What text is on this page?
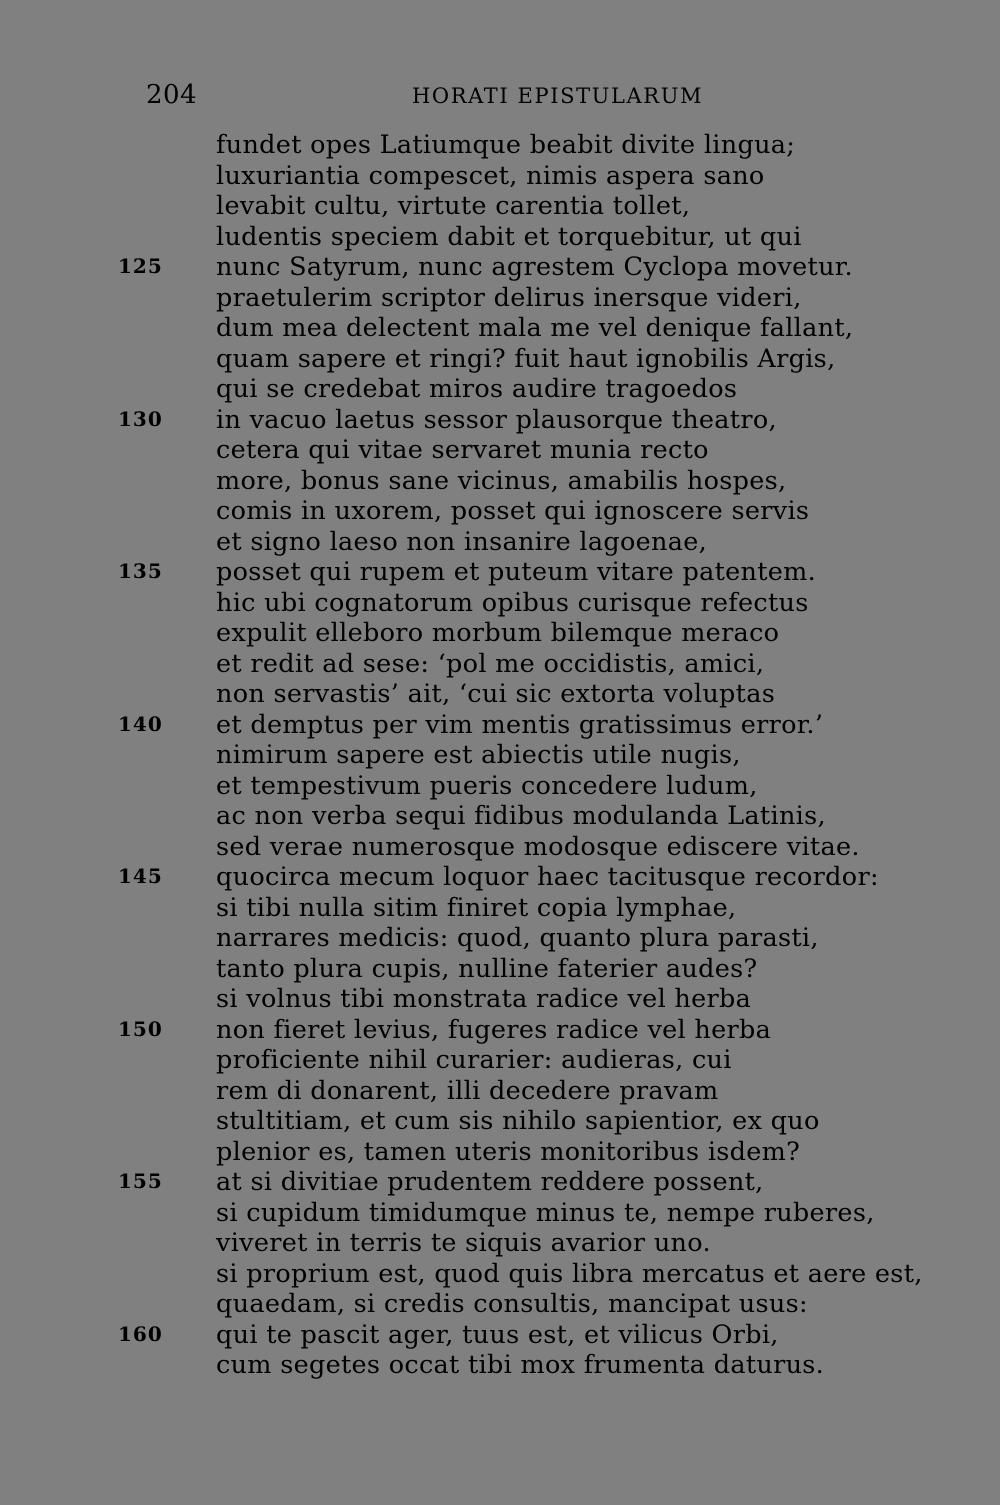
204	HORATI EPISTULARUM
fundet opes Latiumque beabit divite lingua;
luxuriantia compescet, nimis aspera sano
levabit cultu, virtute carentia tollet,
ludentis speciem dabit et torquebitur, ut qui
125 nunc Satyrum, nunc agrestem Cyclopa movetur.
praetulerim scriptor delirus inersque videri,
dum mea delectent mala me vel denique fallant,
quam sapere et ringi? fuit haut ignobilis Argis,
qui se credebat miros audire tragoedos
130 in vacuo laetus sessor plausorque theatro,
cetera qui vitae servaret munia recto
more, bonus sane vicinus, amabilis hospes,
comis in uxorem, posset qui ignoscere servis
et signo laeso non insanire lagoenae,
135 posset qui rupem et puteum vitare patentem.
hic ubi cognatorum opibus curisque refectus
expulit elleboro morbum bilemque meraco
et redit ad sese: ‘pol me occidistis, amici,
non servastis’ ait, ‘cui sic extorta voluptas
140 et demptus per vim mentis gratissimus error.’
nimirum sapere est abiectis utile nugis,
et tempestivum pueris concedere ludum,
ac non verba sequi fidibus modulanda Latinis,
sed verae numerosque modosque ediscere vitae.
145 quocirca mecum loquor haec tacitusque recordor:
si tibi nulla sitim finiret copia lymphae,
narrares medicis: quod, quanto plura parasti,
tanto plura cupis, nulline faterier audes?
si volnus tibi monstrata radice vel herba
150 non fieret levius, fugeres radice vel herba
proficiente nihil curarier: audieras, cui
rem di donarent, illi decedere pravam
stultitiam, et cum sis nihilo sapientior, ex quo
plenior es, tamen uteris monitoribus isdem?
155 at si divitiae prudentem reddere possent,
si cupidum timidumque minus te, nempe ruberes,
viveret in terris te siquis avarior uno.
si proprium est, quod quis libra mercatus et aere est,
quaedam, si credis consultis, mancipat usus:
160 qui te pascit ager, tuus est, et vilicus Orbi,
cum segetes occat tibi mox frumenta daturus.
